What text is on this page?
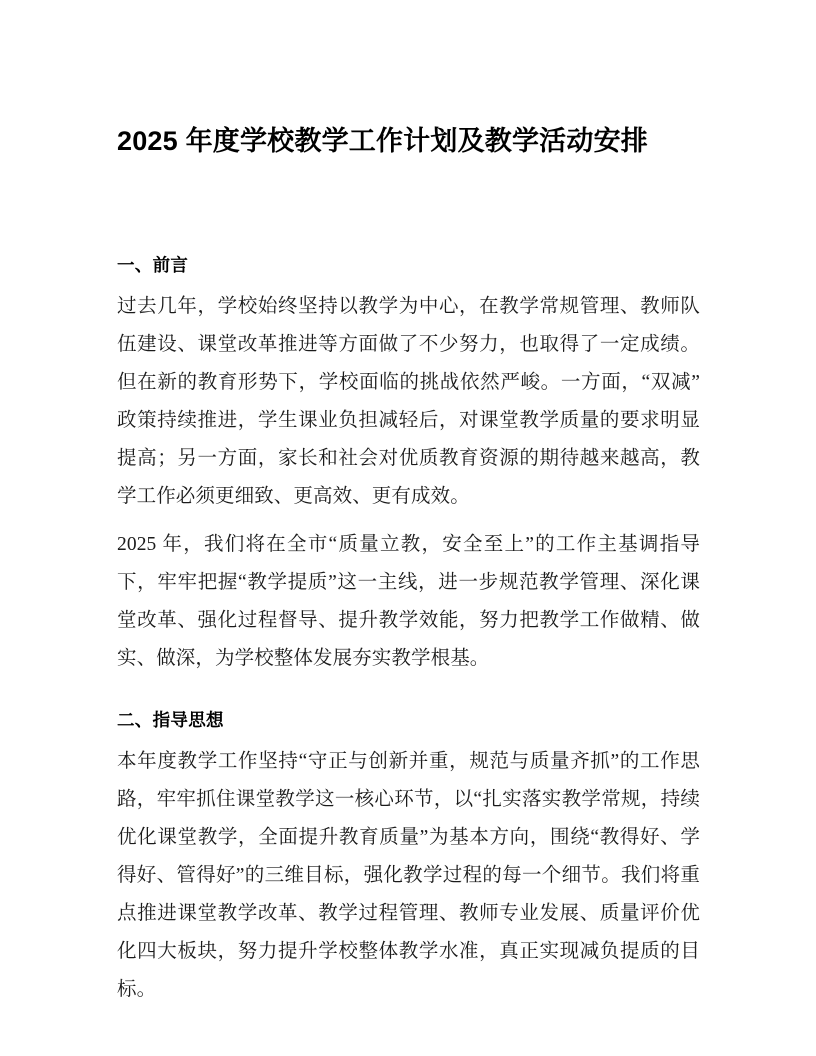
2025 年度学校教学工作计划及教学活动安排
一、前言

过去几年，学校始终坚持以教学为中心，在教学常规管理、教师队伍建设、课堂改革推进等方面做了不少努力，也取得了一定成绩。但在新的教育形势下，学校面临的挑战依然严峻。一方面，“双减”政策持续推进，学生课业负担减轻后，对课堂教学质量的要求明显提高；另一方面，家长和社会对优质教育资源的期待越来越高，教学工作必须更细致、更高效、更有成效。

2025 年，我们将在全市“质量立教，安全至上”的工作主基调指导下，牢牢把握“教学提质”这一主线，进一步规范教学管理、深化课堂改革、强化过程督导、提升教学效能，努力把教学工作做精、做实、做深，为学校整体发展夯实教学根基。

二、指导思想

本年度教学工作坚持“守正与创新并重，规范与质量齐抓”的工作思路，牢牢抓住课堂教学这一核心环节，以“扎实落实教学常规，持续优化课堂教学，全面提升教育质量”为基本方向，围绕“教得好、学得好、管得好”的三维目标，强化教学过程的每一个细节。我们将重点推进课堂教学改革、教学过程管理、教师专业发展、质量评价优化四大板块，努力提升学校整体教学水准，真正实现减负提质的目标。
